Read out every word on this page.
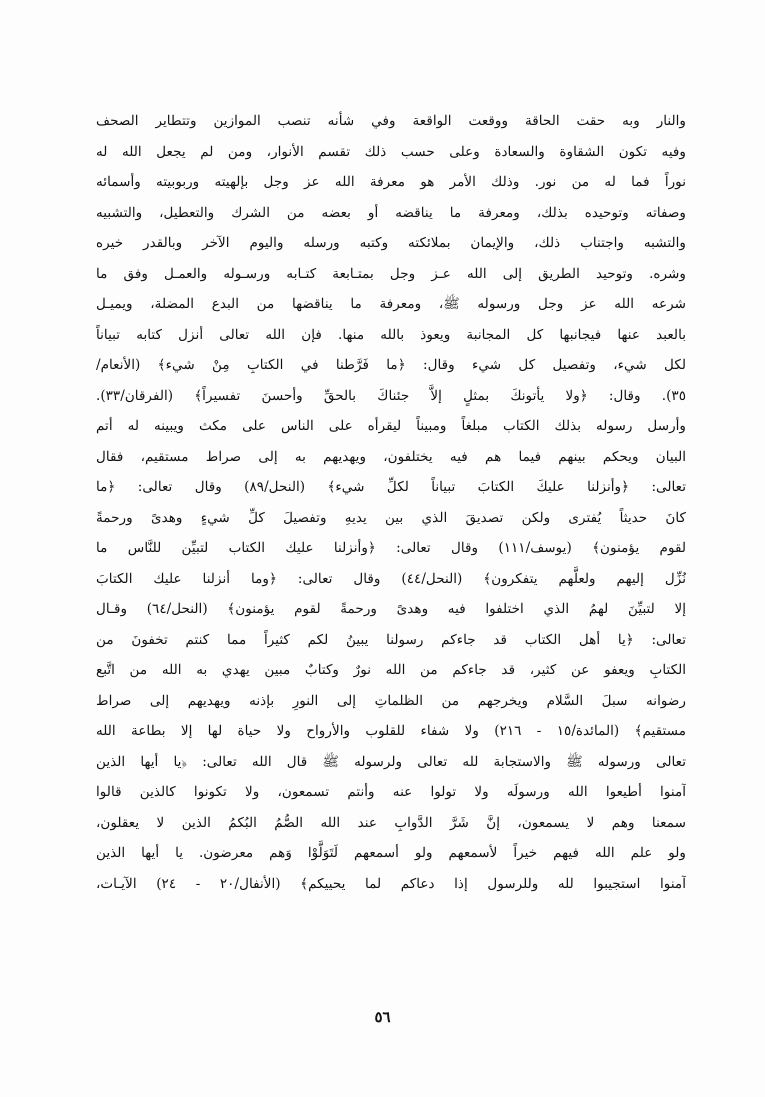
والنار وبه حقت الحاقة ووقعت الواقعة وفي شأنه تنصب الموازين وتتطاير الصحف
وفيه تكون الشقاوة والسعادة وعلى حسب ذلك تقسم الأنوار، ومن لم يجعل الله له
نوراً فما له من نور. وذلك الأمر هو معرفة الله عز وجل بإلهيته وربوبيته وأسمائه
وصفاته وتوحيده بذلك، ومعرفة ما يناقضه أو بعضه من الشرك والتعطيل، والتشبيه
والتشبه واجتناب ذلك، والإيمان بملائكته وكتبه ورسله واليوم الآخر وبالقدر خيره
وشره. وتوحيد الطريق إلى الله عـز وجل بمتـابعة كتـابه ورسـوله والعمـل وفق ما
شرعه الله عز وجل ورسوله ﷺ، ومعرفة ما يناقضها من البدع المضلة، ويميـل
بالعبد عنها فيجانبها كل المجانبة ويعوذ بالله منها. فإن الله تعالى أنزل كتابه تبياناً
لكل شيء، وتفصيل كل شيء وقال: ﴿ما فَرَّطنا في الكتابِ مِنْ شيء﴾ (الأنعام/
٣٥). وقال: ﴿ولا يأتونكَ بمثلٍ إلاَّ جئناكَ بالحقِّ وأحسنَ تفسيراً﴾ (الفرقان/٣٣).
وأرسل رسوله بذلك الكتاب مبلغاً ومبيناً ليقرأه على الناس على مكث ويبينه له أتم
البيان ويحكم بينهم فيما هم فيه يختلفون، ويهديهم به إلى صراط مستقيم، فقال
تعالى: ﴿وأنزلنا عليكَ الكتابَ تبياناً لكلِّ شيء﴾ (النحل/٨٩) وقال تعالى: ﴿ما
كانَ حديثاً يُفترى ولكن تصديقَ الذي بين يديهِ وتفصيلَ كلِّ شيءٍ وهدىً ورحمةً
لقوم يؤمنون﴾ (يوسف/١١١) وقال تعالى: ﴿وأنزلنا عليك الكتاب لتبيِّن للنَّاس ما
نُزِّل إليهم ولعلَّهم يتفكرون﴾ (النحل/٤٤) وقال تعالى: ﴿وما أنزلنا عليك الكتابَ
إلا لتبيِّنَ لهمُ الذي اختلفوا فيه وهدىً ورحمةً لقوم يؤمنون﴾ (النحل/٦٤) وقـال
تعالى: ﴿يا أهل الكتاب قد جاءكم رسولنا يبينُ لكم كثيراً مما كنتم تخفونَ من
الكتابِ ويعفو عن كثير، قد جاءكم من الله نورٌ وكتابٌ مبين يهدي به الله من اتَّبع
رضوانه سبلَ السَّلام ويخرجهم من الظلماتِ إلى النورِ بإذنه ويهديهم إلى صراط
مستقيم﴾ (المائدة/١٥ - ٢١٦) ولا شفاء للقلوب والأرواح ولا حياة لها إلا بطاعة الله
تعالى ورسوله ﷺ والاستجابة لله تعالى ولرسوله ﷺ قال الله تعالى: ﴿يا أيها الذين
آمنوا أطيعوا الله ورسولَه ولا تولوا عنه وأنتم تسمعون، ولا تكونوا كالذين قالوا
سمعنا وهم لا يسمعون، إنَّ شَرَّ الدَّوابِ عند الله الصُّمُ البُكمُ الذين لا يعقلون،
ولو علم الله فيهم خيراً لأسمعهم ولو أسمعهم لَتَوَلَّوْا وَهم معرضون. يا أيها الذين
آمنوا استجيبوا لله وللرسول إذا دعاكم لما يحييكم﴾ (الأنفال/٢٠ - ٢٤) الآيـات،
٥٦
